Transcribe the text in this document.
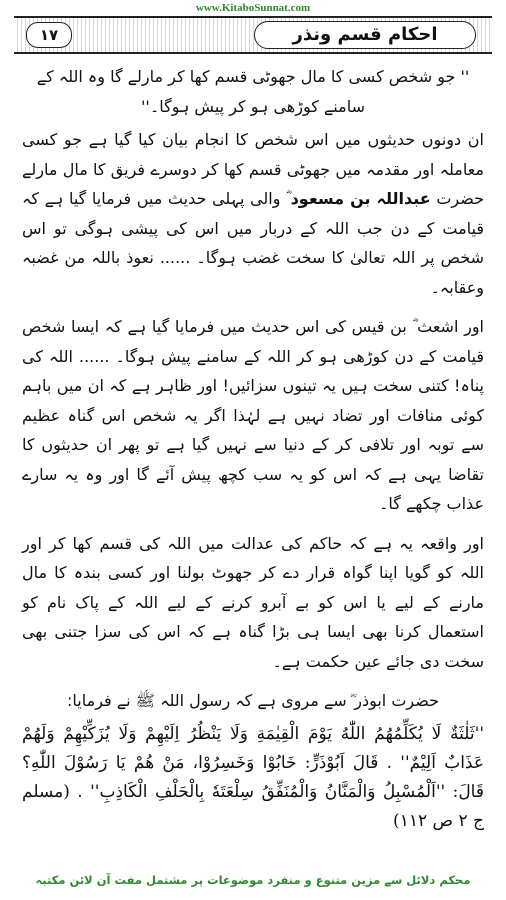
www.KitaboSunnat.com
١٧	احکام قسم ونذر

'' جو شخص کسی کا مال جھوٹی قسم کھا کر مارلے گا وہ اللہ کے سامنے کوڑھی ہو کر پیش ہوگا۔''

ان دونوں حدیثوں میں اس شخص کا انجام بیان کیا گیا ہے جو کسی معاملہ اور مقدمہ میں جھوٹی قسم کھا کر دوسرے فریق کا مال مارلے حضرت عبداللہ بن مسعود ؓ والی پہلی حدیث میں فرمایا گیا ہے کہ قیامت کے دن جب اللہ کے دربار میں اس کی پیشی ہوگی تو اس شخص پر اللہ تعالیٰ کا سخت غضب ہوگا۔ ...... نعوذ باللہ من غضبہ وعقابہ۔

اور اشعث ؓ بن قیس کی اس حدیث میں فرمایا گیا ہے کہ ایسا شخص قیامت کے دن کوڑھی ہو کر اللہ کے سامنے پیش ہوگا۔ ...... اللہ کی پناہ! کتنی سخت ہیں یہ تینوں سزائیں! اور ظاہر ہے کہ ان میں باہم کوئی منافات اور تضاد نہیں ہے لہٰذا اگر یہ شخص اس گناہ عظیم سے توبہ اور تلافی کر کے دنیا سے نہیں گیا ہے تو پھر ان حدیثوں کا تقاضا یہی ہے کہ اس کو یہ سب کچھ پیش آئے گا اور وہ یہ سارے عذاب چکھے گا۔

اور واقعہ یہ ہے کہ حاکم کی عدالت میں اللہ کی قسم کھا کر اور اللہ کو گویا اپنا گواہ قرار دے کر جھوٹ بولنا اور کسی بندہ کا مال مارنے کے لیے یا اس کو بے آبرو کرنے کے لیے اللہ کے پاک نام کو استعمال کرنا بھی ایسا ہی بڑا گناہ ہے کہ اس کی سزا جتنی بھی سخت دی جائے عین حکمت ہے۔

حضرت ابوذر ؓ سے مروی ہے کہ رسول اللہ ﷺ نے فرمایا:

''ثَلٰثَةٌ لَا يُكَلِّمُهُمُ اللّٰهُ يَوْمَ الْقِيٰمَةِ وَلَا يَنْظُرُ اِلَيْهِمْ وَلَا يُزَكِّيْهِمْ وَلَهُمْ عَذَابٌ اَلِيْمٌ'' . قَالَ اَبُوْذَرٍّ: خَابُوْا وَخَسِرُوْا، مَنْ هُمْ يَا رَسُوْلَ اللّٰهِ؟ قَالَ: ''اَلْمُسْبِلُ وَالْمَنَّانُ وَالْمُنَفِّقُ سِلْعَتَهٗ بِالْحَلْفِ الْكَاذِبِ'' . (مسلم ج ۲ ص ۱۱۲)

محکم دلائل سے مزین متنوع و منفرد موضوعات پر مشتمل مفت آن لائن مکتبہ
